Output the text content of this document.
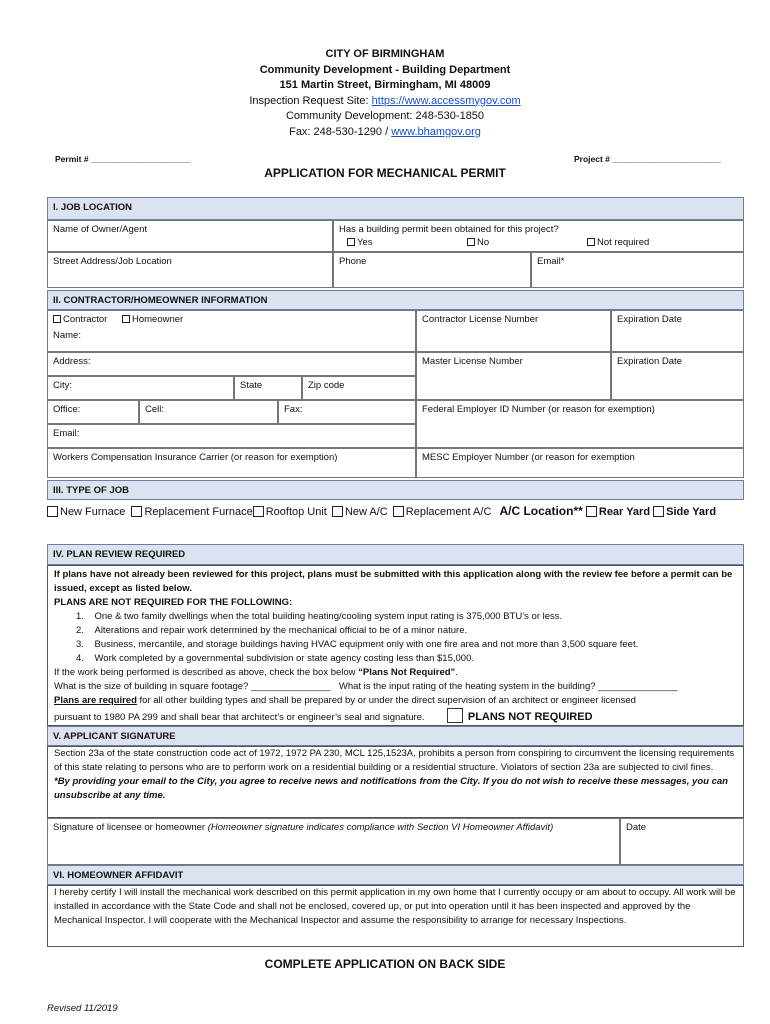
CITY OF BIRMINGHAM
Community Development - Building Department
151 Martin Street, Birmingham, MI 48009
Inspection Request Site: https://www.accessmygov.com
Community Development: 248-530-1850
Fax: 248-530-1290 / www.bhamgov.org
Permit # _____________________	Project # _______________________
APPLICATION FOR MECHANICAL PERMIT
I. JOB LOCATION
Name of Owner/Agent	Has a building permit been obtained for this project?
Yes	No	Not required
Street Address/Job Location	Phone	Email*
II. CONTRACTOR/HOMEOWNER INFORMATION
Contractor	Homeowner
Name:
Contractor License Number	Expiration Date
Address:	Master License Number	Expiration Date
City:	State	Zip code
Office:	Cell:	Fax:	Federal Employer ID Number (or reason for exemption)
Email:
Workers Compensation Insurance Carrier (or reason for exemption)	MESC Employer Number (or reason for exemption
III. TYPE OF JOB
New Furnace Replacement Furnace Rooftop Unit New A/C Replacement A/C A/C Location** Rear Yard Side Yard
IV. PLAN REVIEW REQUIRED
If plans have not already been reviewed for this project, plans must be submitted with this application along with the review fee before a permit can be issued, except as listed below.
PLANS ARE NOT REQUIRED FOR THE FOLLOWING:
1.    One & two family dwellings when the total building heating/cooling system input rating is 375,000 BTU’s or less.
2.    Alterations and repair work determined by the mechanical official to be of a minor nature.
3.    Business, mercantile, and storage buildings having HVAC equipment only with one fire area and not more than 3,500 square feet.
4.    Work completed by a governmental subdivision or state agency costing less than $15,000.
If the work being performed is described as above, check the box below “Plans Not Required”.
What is the size of building in square footage? _______________ What is the input rating of the heating system in the building? _______________
Plans are required for all other building types and shall be prepared by or under the direct supervision of an architect or engineer licensed
pursuant to 1980 PA 299 and shall bear that architect’s or engineer’s seal and signature.	PLANS NOT REQUIRED
V. APPLICANT SIGNATURE
Section 23a of the state construction code act of 1972, 1972 PA 230, MCL 125,1523A, prohibits a person from conspiring to circumvent the licensing requirements of this state relating to persons who are to perform work on a residential building or a residential structure. Violators of section 23a are subjected to civil fines.
*By providing your email to the City, you agree to receive news and notifications from the City. If you do not wish to receive these messages, you can unsubscribe at any time.
Signature of licensee or homeowner (Homeowner signature indicates compliance with Section VI Homeowner Affidavit)	Date
VI. HOMEOWNER AFFIDAVIT
I hereby certify I will install the mechanical work described on this permit application in my own home that I currently occupy or am about to occupy. All work will be installed in accordance with the State Code and shall not be enclosed, covered up, or put into operation until it has been inspected and approved by the Mechanical Inspector. I will cooperate with the Mechanical Inspector and assume the responsibility to arrange for necessary Inspections.
COMPLETE APPLICATION ON BACK SIDE
Revised 11/2019
